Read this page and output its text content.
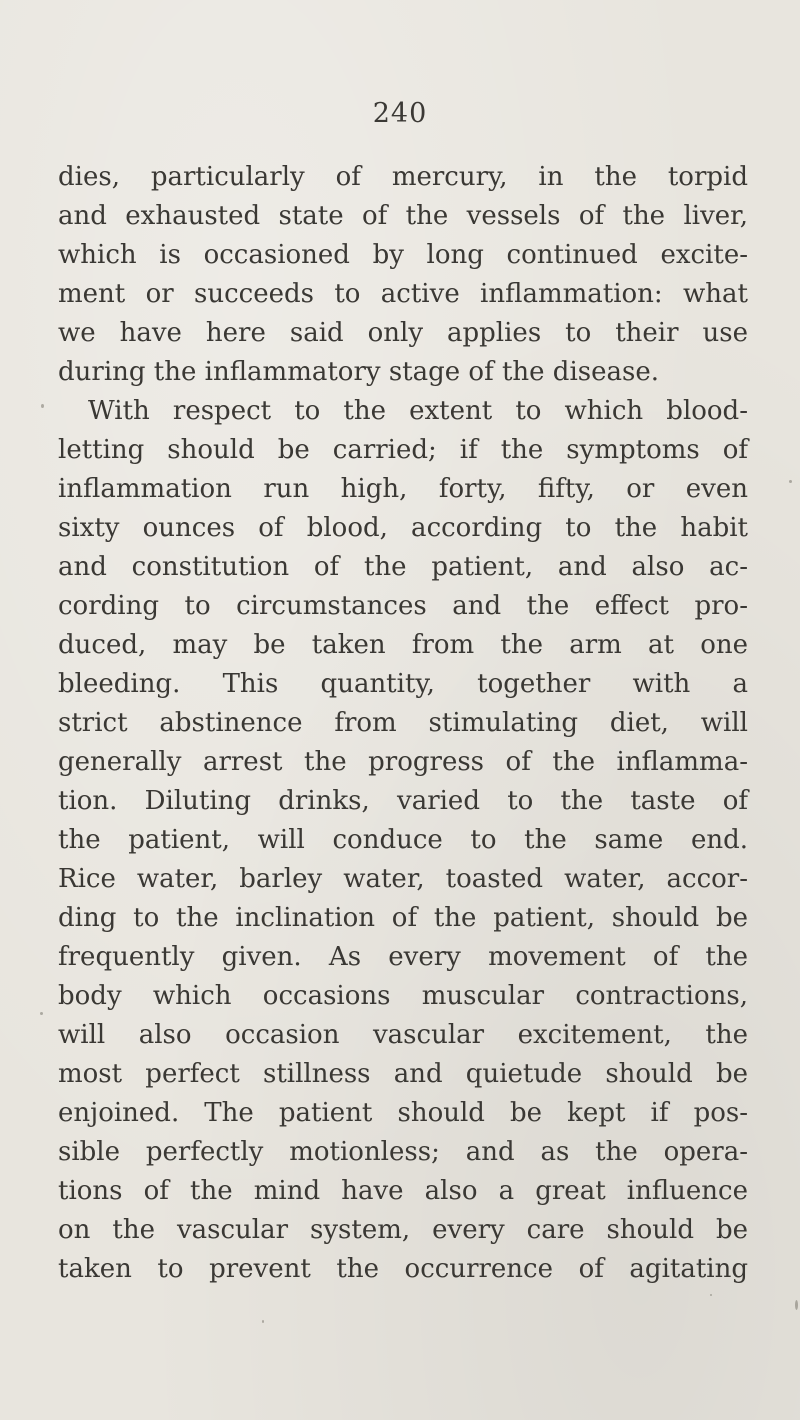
240
dies, particularly of mercury, in the torpid
and exhausted state of the vessels of the liver,
which is occasioned by long continued excite-
ment or succeeds to active inflammation: what
we have here said only applies to their use
during the inflammatory stage of the disease.
With respect to the extent to which blood-
letting should be carried; if the symptoms of
inflammation run high, forty, fifty, or even
sixty ounces of blood, according to the habit
and constitution of the patient, and also ac-
cording to circumstances and the effect pro-
duced, may be taken from the arm at one
bleeding. This quantity, together with a
strict abstinence from stimulating diet, will
generally arrest the progress of the inflamma-
tion. Diluting drinks, varied to the taste of
the patient, will conduce to the same end.
Rice water, barley water, toasted water, accor-
ding to the inclination of the patient, should be
frequently given. As every movement of the
body which occasions muscular contractions,
will also occasion vascular excitement, the
most perfect stillness and quietude should be
enjoined. The patient should be kept if pos-
sible perfectly motionless; and as the opera-
tions of the mind have also a great influence
on the vascular system, every care should be
taken to prevent the occurrence of agitating
